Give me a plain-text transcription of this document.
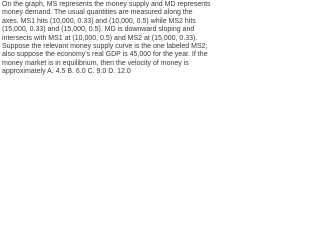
On the graph, MS represents the money supply and MD represents money demand. The usual quantities are measured along the axes. MS1 hits (10,000, 0.33) and (10,000, 0.5) while MS2 hits (15,000, 0.33) and (15,000, 0.5). MD is downward sloping and intersects with MS1 at (10,000, 0.5) and MS2 at (15,000, 0.33). Suppose the relevant money supply curve is the one labeled MS2; also suppose the economy's real GDP is 45,000 for the year. If the money market is in equilibrium, then the velocity of money is approximately A. 4.5 B. 6.0 C. 9.0 D. 12.0
